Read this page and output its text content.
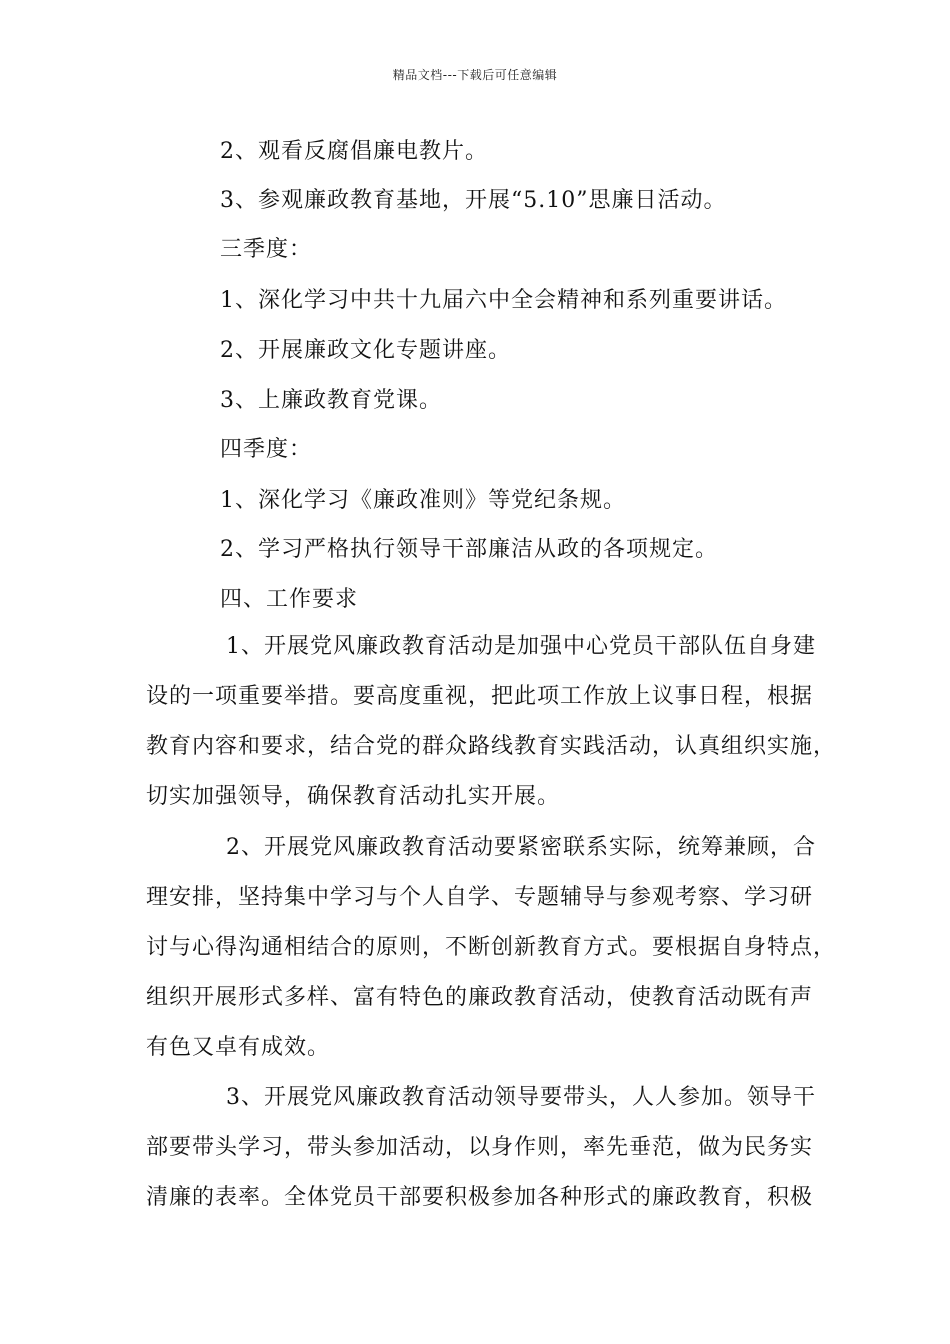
精品文档---下载后可任意编辑
2、观看反腐倡廉电教片。
3、参观廉政教育基地，开展“5.10”思廉日活动。
三季度：
1、深化学习中共十九届六中全会精神和系列重要讲话。
2、开展廉政文化专题讲座。
3、上廉政教育党课。
四季度：
1、深化学习《廉政准则》等党纪条规。
2、学习严格执行领导干部廉洁从政的各项规定。
四、工作要求
1、开展党风廉政教育活动是加强中心党员干部队伍自身建
设的一项重要举措。要高度重视，把此项工作放上议事日程，根据
教育内容和要求，结合党的群众路线教育实践活动，认真组织实施，
切实加强领导，确保教育活动扎实开展。
2、开展党风廉政教育活动要紧密联系实际，统筹兼顾，合
理安排，坚持集中学习与个人自学、专题辅导与参观考察、学习研
讨与心得沟通相结合的原则，不断创新教育方式。要根据自身特点，
组织开展形式多样、富有特色的廉政教育活动，使教育活动既有声
有色又卓有成效。
3、开展党风廉政教育活动领导要带头，人人参加。领导干
部要带头学习，带头参加活动，以身作则，率先垂范，做为民务实
清廉的表率。全体党员干部要积极参加各种形式的廉政教育，积极
